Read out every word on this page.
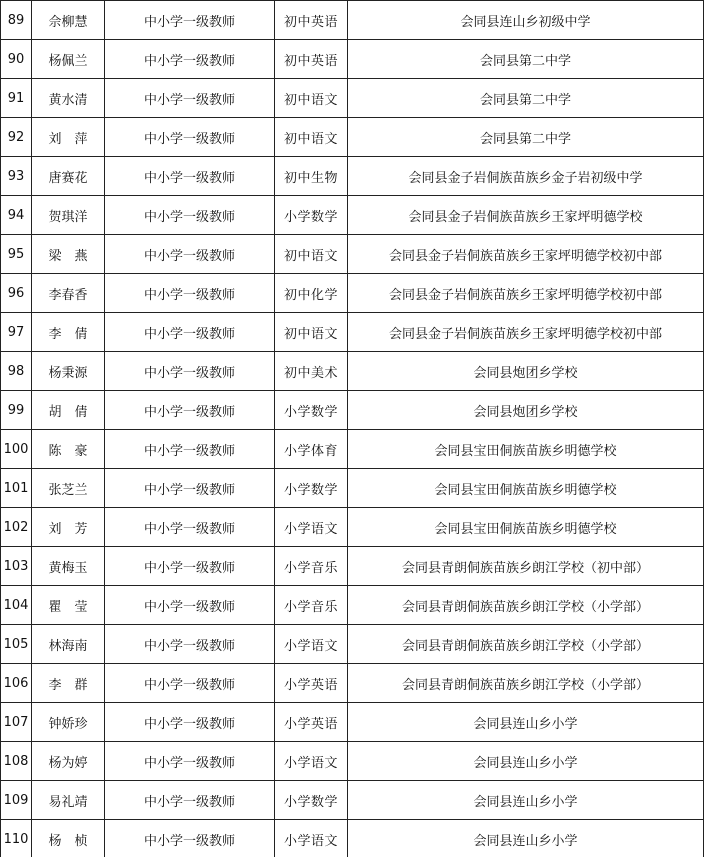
89	佘柳慧	中小学一级教师	初中英语	会同县连山乡初级中学
90	杨佩兰	中小学一级教师	初中英语	会同县第二中学
91	黄水清	中小学一级教师	初中语文	会同县第二中学
92	刘　萍	中小学一级教师	初中语文	会同县第二中学
93	唐赛花	中小学一级教师	初中生物	会同县金子岩侗族苗族乡金子岩初级中学
94	贺琪洋	中小学一级教师	小学数学	会同县金子岩侗族苗族乡王家坪明德学校
95	梁　燕	中小学一级教师	初中语文	会同县金子岩侗族苗族乡王家坪明德学校初中部
96	李春香	中小学一级教师	初中化学	会同县金子岩侗族苗族乡王家坪明德学校初中部
97	李　倩	中小学一级教师	初中语文	会同县金子岩侗族苗族乡王家坪明德学校初中部
98	杨秉源	中小学一级教师	初中美术	会同县炮团乡学校
99	胡　倩	中小学一级教师	小学数学	会同县炮团乡学校
100	陈　豪	中小学一级教师	小学体育	会同县宝田侗族苗族乡明德学校
101	张芝兰	中小学一级教师	小学数学	会同县宝田侗族苗族乡明德学校
102	刘　芳	中小学一级教师	小学语文	会同县宝田侗族苗族乡明德学校
103	黄梅玉	中小学一级教师	小学音乐	会同县青朗侗族苗族乡朗江学校（初中部）
104	瞿　莹	中小学一级教师	小学音乐	会同县青朗侗族苗族乡朗江学校（小学部）
105	林海南	中小学一级教师	小学语文	会同县青朗侗族苗族乡朗江学校（小学部）
106	李　群	中小学一级教师	小学英语	会同县青朗侗族苗族乡朗江学校（小学部）
107	钟娇珍	中小学一级教师	小学英语	会同县连山乡小学
108	杨为婷	中小学一级教师	小学语文	会同县连山乡小学
109	易礼靖	中小学一级教师	小学数学	会同县连山乡小学
110	杨　桢	中小学一级教师	小学语文	会同县连山乡小学
